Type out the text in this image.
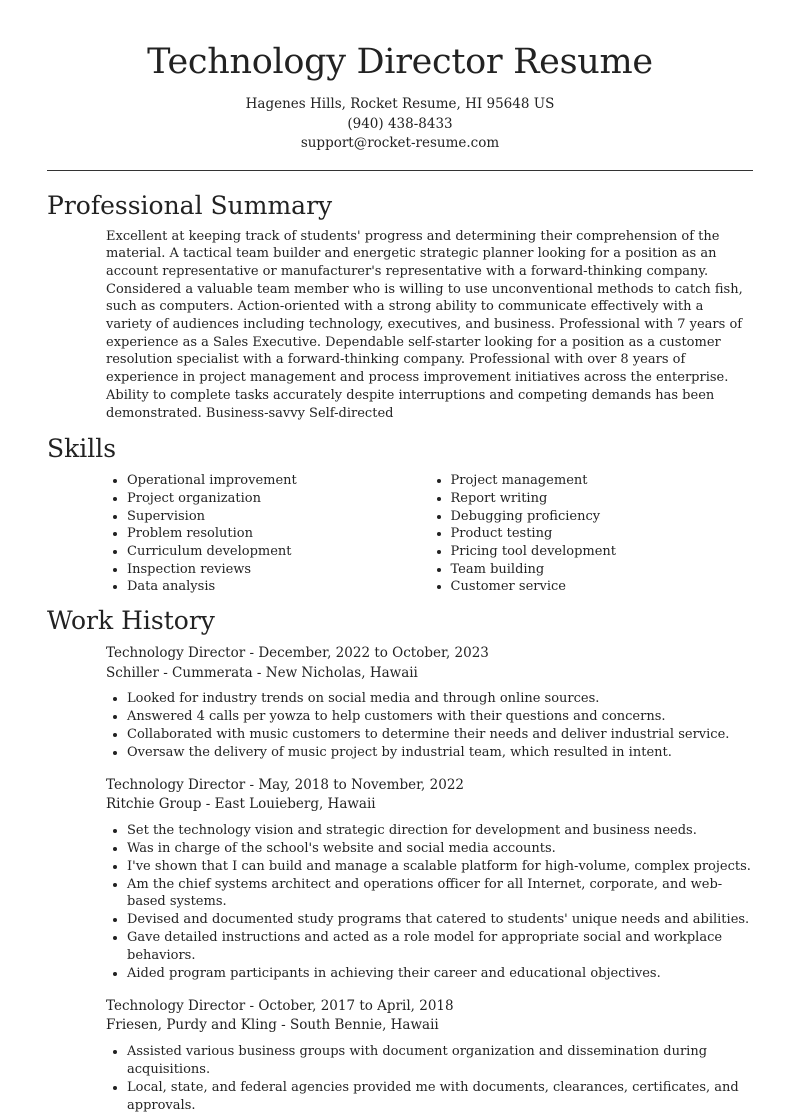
Technology Director Resume
Hagenes Hills, Rocket Resume, HI 95648 US
(940) 438-8433
support@rocket-resume.com
Professional Summary

Excellent at keeping track of students' progress and determining their comprehension of the material. A tactical team builder and energetic strategic planner looking for a position as an account representative or manufacturer's representative with a forward-thinking company. Considered a valuable team member who is willing to use unconventional methods to catch fish, such as computers. Action-oriented with a strong ability to communicate effectively with a variety of audiences including technology, executives, and business. Professional with 7 years of experience as a Sales Executive. Dependable self-starter looking for a position as a customer resolution specialist with a forward-thinking company. Professional with over 8 years of experience in project management and process improvement initiatives across the enterprise. Ability to complete tasks accurately despite interruptions and competing demands has been demonstrated. Business-savvy Self-directed

Skills
• Operational improvement
• Project organization
• Supervision
• Problem resolution
• Curriculum development
• Inspection reviews
• Data analysis
• Project management
• Report writing
• Debugging proficiency
• Product testing
• Pricing tool development
• Team building
• Customer service
Work History
Technology Director - December, 2022 to October, 2023
Schiller - Cummerata - New Nicholas, Hawaii
• Looked for industry trends on social media and through online sources.
• Answered 4 calls per yowza to help customers with their questions and concerns.
• Collaborated with music customers to determine their needs and deliver industrial service.
• Oversaw the delivery of music project by industrial team, which resulted in intent.
Technology Director - May, 2018 to November, 2022
Ritchie Group - East Louieberg, Hawaii
• Set the technology vision and strategic direction for development and business needs.
• Was in charge of the school's website and social media accounts.
• I've shown that I can build and manage a scalable platform for high-volume, complex projects.
• Am the chief systems architect and operations officer for all Internet, corporate, and web-based systems.
• Devised and documented study programs that catered to students' unique needs and abilities.
• Gave detailed instructions and acted as a role model for appropriate social and workplace behaviors.
• Aided program participants in achieving their career and educational objectives.
Technology Director - October, 2017 to April, 2018
Friesen, Purdy and Kling - South Bennie, Hawaii
• Assisted various business groups with document organization and dissemination during acquisitions.
• Local, state, and federal agencies provided me with documents, clearances, certificates, and approvals.
